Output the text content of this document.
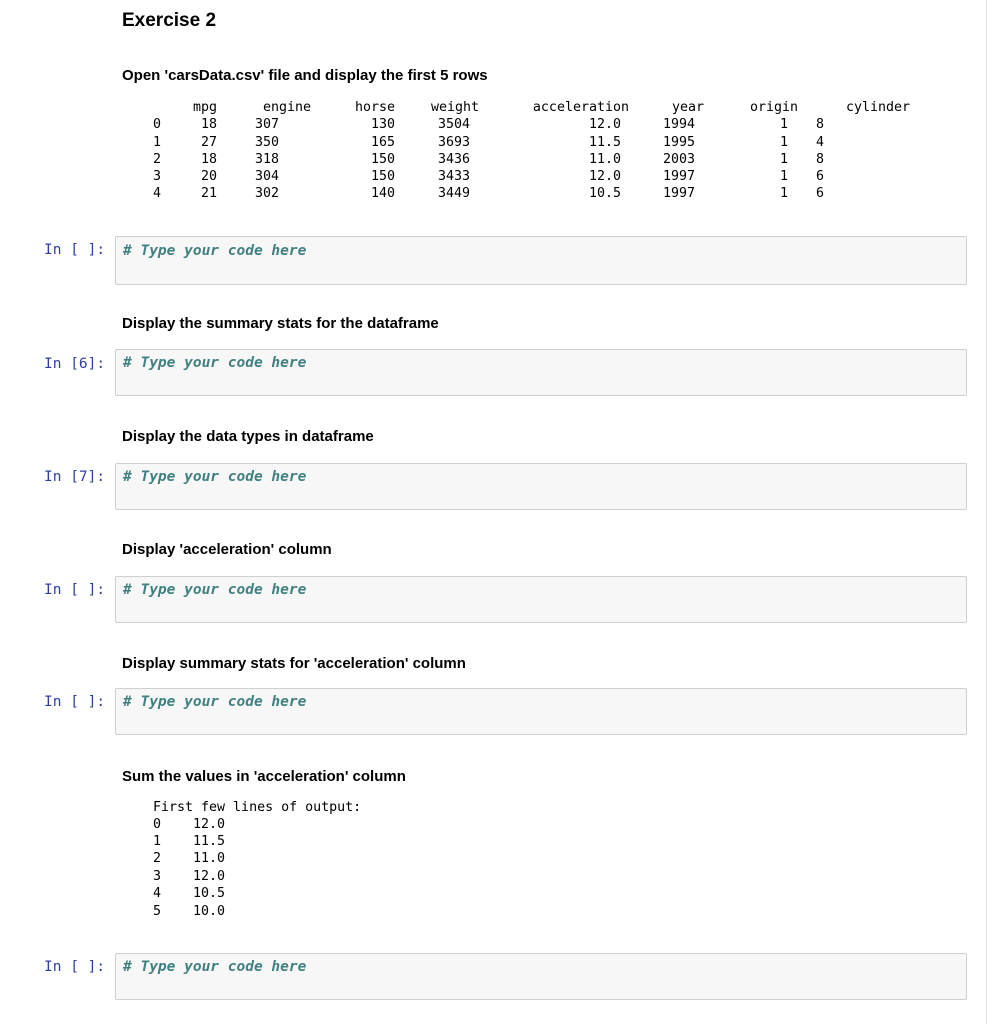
Exercise 2
Open 'carsData.csv' file and display the first 5 rows
	mpg	engine	horse	weight	acceleration	year	origin	cylinder
0	18	307	130	3504	12.0	1994	1	8
1	27	350	165	3693	11.5	1995	1	4
2	18	318	150	3436	11.0	2003	1	8
3	20	304	150	3433	12.0	1997	1	6
4	21	302	140	3449	10.5	1997	1	6
In [ ]: # Type your code here
Display the summary stats for the dataframe
In [6]: # Type your code here
Display the data types in dataframe
In [7]: # Type your code here
Display 'acceleration' column
In [ ]: # Type your code here
Display summary stats for 'acceleration' column
In [ ]: # Type your code here
Sum the values in 'acceleration' column
First few lines of output:
0    12.0
1    11.5
2    11.0
3    12.0
4    10.5
5    10.0
In [ ]: # Type your code here
